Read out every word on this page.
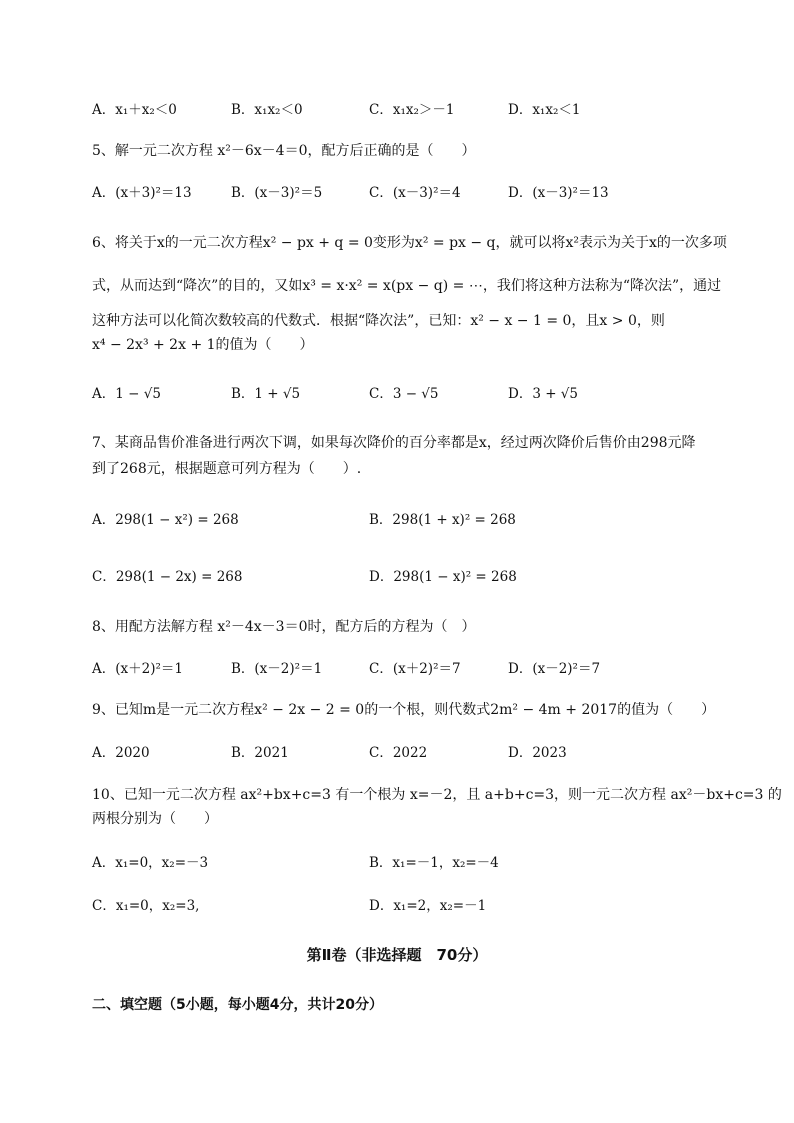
A．x₁＋x₂＜0	B．x₁x₂＜0	C．x₁x₂＞－1	D．x₁x₂＜1
5、解一元二次方程 x²－6x－4＝0，配方后正确的是（　　）
A．(x＋3)²＝13	B．(x－3)²＝5	C．(x－3)²＝4	D．(x－3)²＝13
6、将关于x的一元二次方程x² − px + q = 0变形为x² = px − q，就可以将x²表示为关于x的一次多项
式，从而达到“降次”的目的，又如x³ = x·x² = x(px − q) = ⋯，我们将这种方法称为“降次法”，通过
这种方法可以化简次数较高的代数式．根据“降次法”，已知：x² − x − 1 = 0，且x > 0，则
x⁴ − 2x³ + 2x + 1的值为（　　）
A．1 − √5	B．1 + √5	C．3 − √5	D．3 + √5
7、某商品售价准备进行两次下调，如果每次降价的百分率都是x，经过两次降价后售价由298元降
到了268元，根据题意可列方程为（　　）.
A．298(1 − x²) = 268	B．298(1 + x)² = 268
C．298(1 − 2x) = 268	D．298(1 − x)² = 268
8、用配方法解方程 x²－4x－3＝0时，配方后的方程为（　）
A．(x＋2)²＝1	B．(x－2)²＝1	C．(x＋2)²＝7	D．(x－2)²＝7
9、已知m是一元二次方程x² − 2x − 2 = 0的一个根，则代数式2m² − 4m + 2017的值为（　　）
A．2020	B．2021	C．2022	D．2023
10、已知一元二次方程 ax²+bx+c=3 有一个根为 x=－2，且 a+b+c=3，则一元二次方程 ax²－bx+c=3 的
两根分别为（　　）
A．x₁=0，x₂=－3	B．x₁=－1，x₂=－4
C．x₁=0，x₂=3,	D．x₁=2，x₂=－1
第Ⅱ卷（非选择题　70分）
二、填空题（5小题，每小题4分，共计20分）
